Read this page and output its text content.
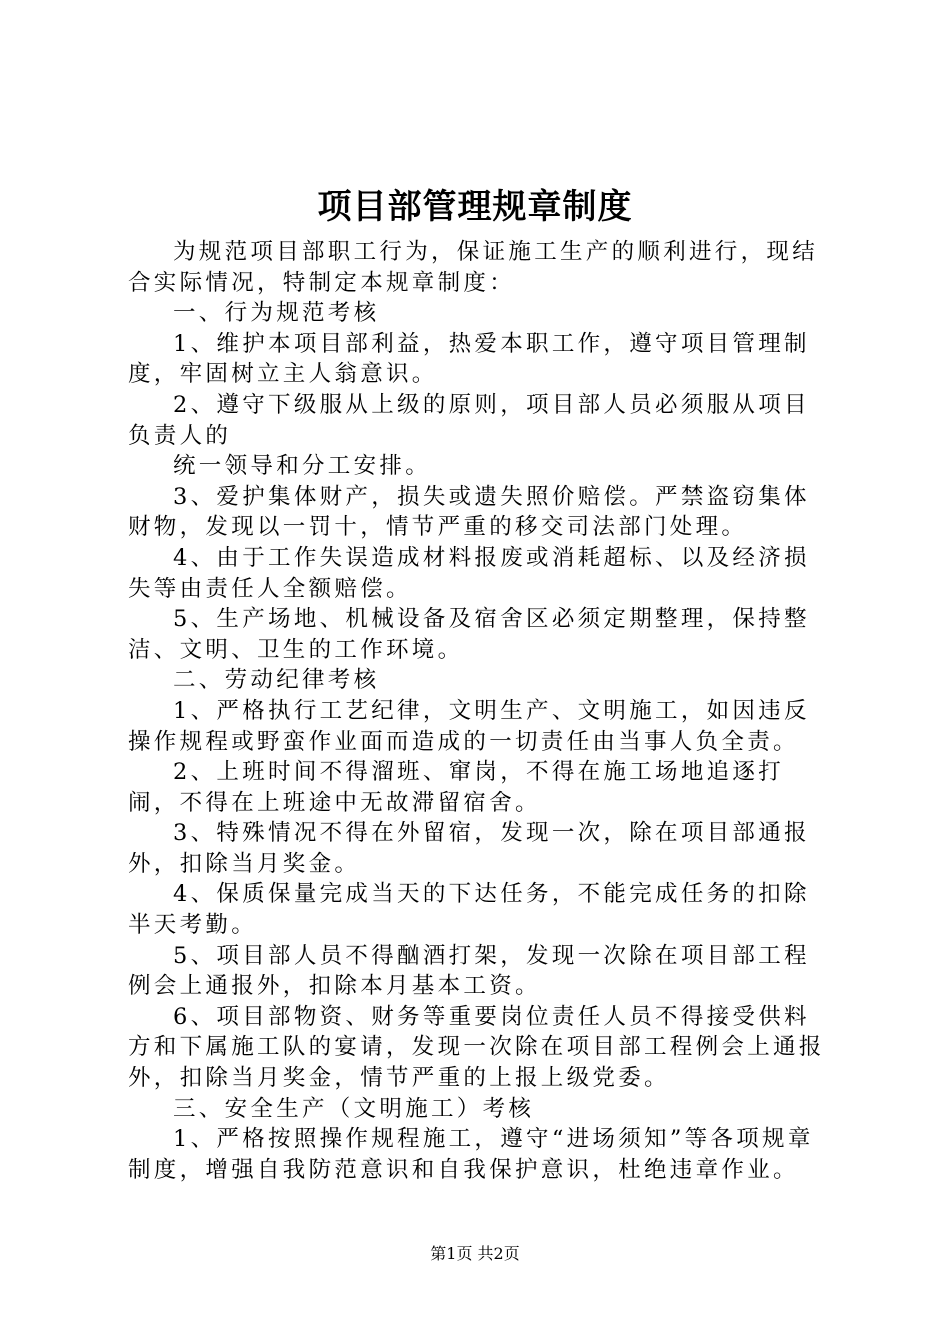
项目部管理规章制度

为规范项目部职工行为，保证施工生产的顺利进行，现结合实际情况，特制定本规章制度：

一、行为规范考核

1、维护本项目部利益，热爱本职工作，遵守项目管理制度，牢固树立主人翁意识。

2、遵守下级服从上级的原则，项目部人员必须服从项目负责人的

统一领导和分工安排。

3、爱护集体财产，损失或遗失照价赔偿。严禁盗窃集体财物，发现以一罚十，情节严重的移交司法部门处理。

4、由于工作失误造成材料报废或消耗超标、以及经济损失等由责任人全额赔偿。

5、生产场地、机械设备及宿舍区必须定期整理，保持整洁、文明、卫生的工作环境。

二、劳动纪律考核

1、严格执行工艺纪律，文明生产、文明施工，如因违反操作规程或野蛮作业面而造成的一切责任由当事人负全责。

2、上班时间不得溜班、窜岗，不得在施工场地追逐打闹，不得在上班途中无故滞留宿舍。

3、特殊情况不得在外留宿，发现一次，除在项目部通报外，扣除当月奖金。

4、保质保量完成当天的下达任务，不能完成任务的扣除半天考勤。

5、项目部人员不得酗酒打架，发现一次除在项目部工程例会上通报外，扣除本月基本工资。

6、项目部物资、财务等重要岗位责任人员不得接受供料方和下属施工队的宴请，发现一次除在项目部工程例会上通报外，扣除当月奖金，情节严重的上报上级党委。

三、安全生产（文明施工）考核

1、严格按照操作规程施工，遵守“进场须知”等各项规章制度，增强自我防范意识和自我保护意识，杜绝违章作业。

第1页 共2页
